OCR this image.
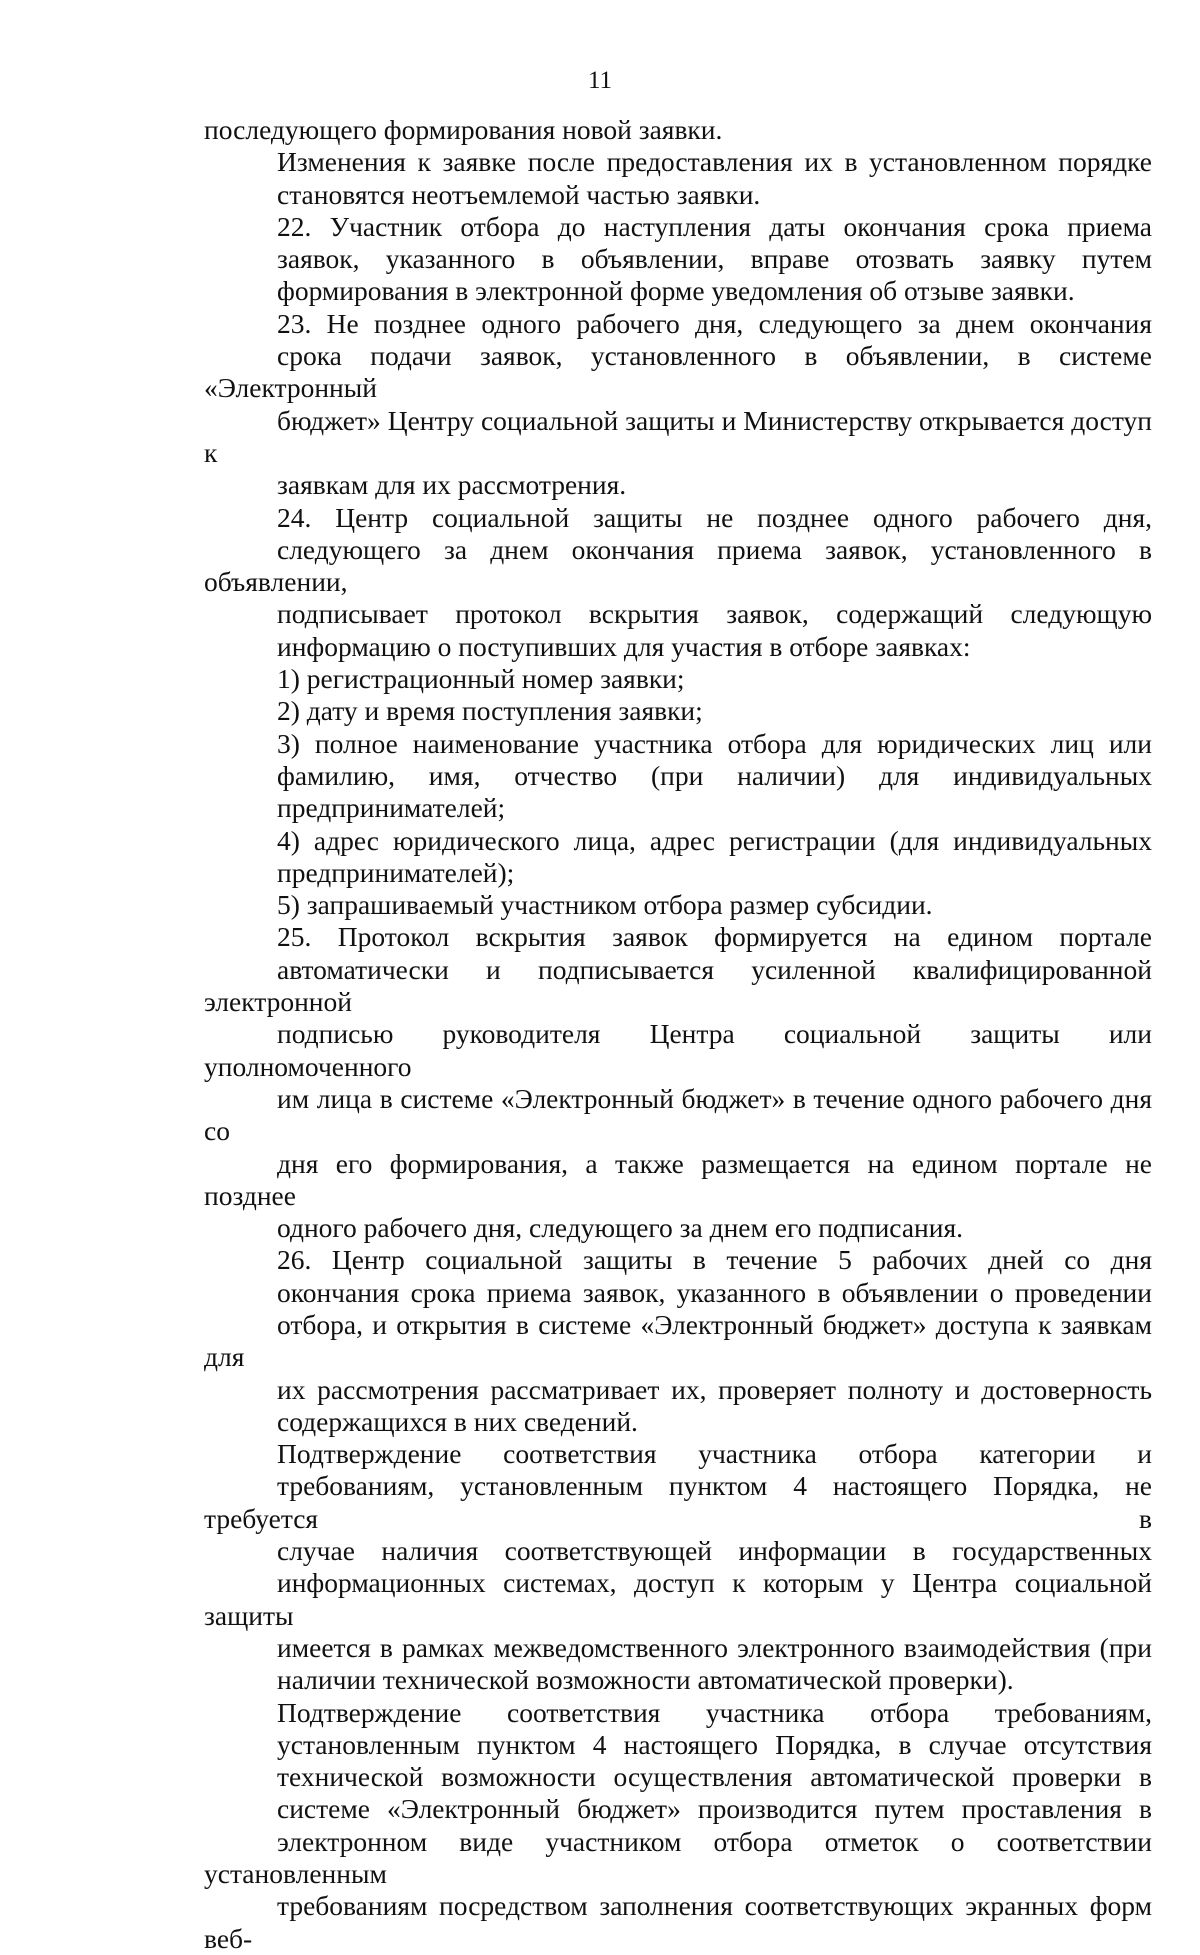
11

последующего формирования новой заявки.

Изменения к заявке после предоставления их в установленном порядке
становятся неотъемлемой частью заявки.

22. Участник отбора до наступления даты окончания срока приема
заявок, указанного в объявлении, вправе отозвать заявку путем
формирования в электронной форме уведомления об отзыве заявки.

23. Не позднее одного рабочего дня, следующего за днем окончания
срока подачи заявок, установленного в объявлении, в системе «Электронный
бюджет» Центру социальной защиты и Министерству открывается доступ к
заявкам для их рассмотрения.

24. Центр социальной защиты не позднее одного рабочего дня,
следующего за днем окончания приема заявок, установленного в объявлении,
подписывает протокол вскрытия заявок, содержащий следующую
информацию о поступивших для участия в отборе заявках:

1) регистрационный номер заявки;

2) дату и время поступления заявки;

3) полное наименование участника отбора для юридических лиц или
фамилию, имя, отчество (при наличии) для индивидуальных
предпринимателей;

4) адрес юридического лица, адрес регистрации (для индивидуальных
предпринимателей);

5) запрашиваемый участником отбора размер субсидии.

25. Протокол вскрытия заявок формируется на едином портале
автоматически и подписывается усиленной квалифицированной электронной
подписью руководителя Центра социальной защиты или уполномоченного
им лица в системе «Электронный бюджет» в течение одного рабочего дня со
дня его формирования, а также размещается на едином портале не позднее
одного рабочего дня, следующего за днем его подписания.

26. Центр социальной защиты в течение 5 рабочих дней со дня
окончания срока приема заявок, указанного в объявлении о проведении
отбора, и открытия в системе «Электронный бюджет» доступа к заявкам для
их рассмотрения рассматривает их, проверяет полноту и достоверность
содержащихся в них сведений.

Подтверждение соответствия участника отбора категории и
требованиям, установленным пунктом 4 настоящего Порядка, не требуется в
случае наличия соответствующей информации в государственных
информационных системах, доступ к которым у Центра социальной защиты
имеется в рамках межведомственного электронного взаимодействия (при
наличии технической возможности автоматической проверки).

Подтверждение соответствия участника отбора требованиям,
установленным пунктом 4 настоящего Порядка, в случае отсутствия
технической возможности осуществления автоматической проверки в
системе «Электронный бюджет» производится путем проставления в
электронном виде участником отбора отметок о соответствии установленным
требованиям посредством заполнения соответствующих экранных форм веб-
